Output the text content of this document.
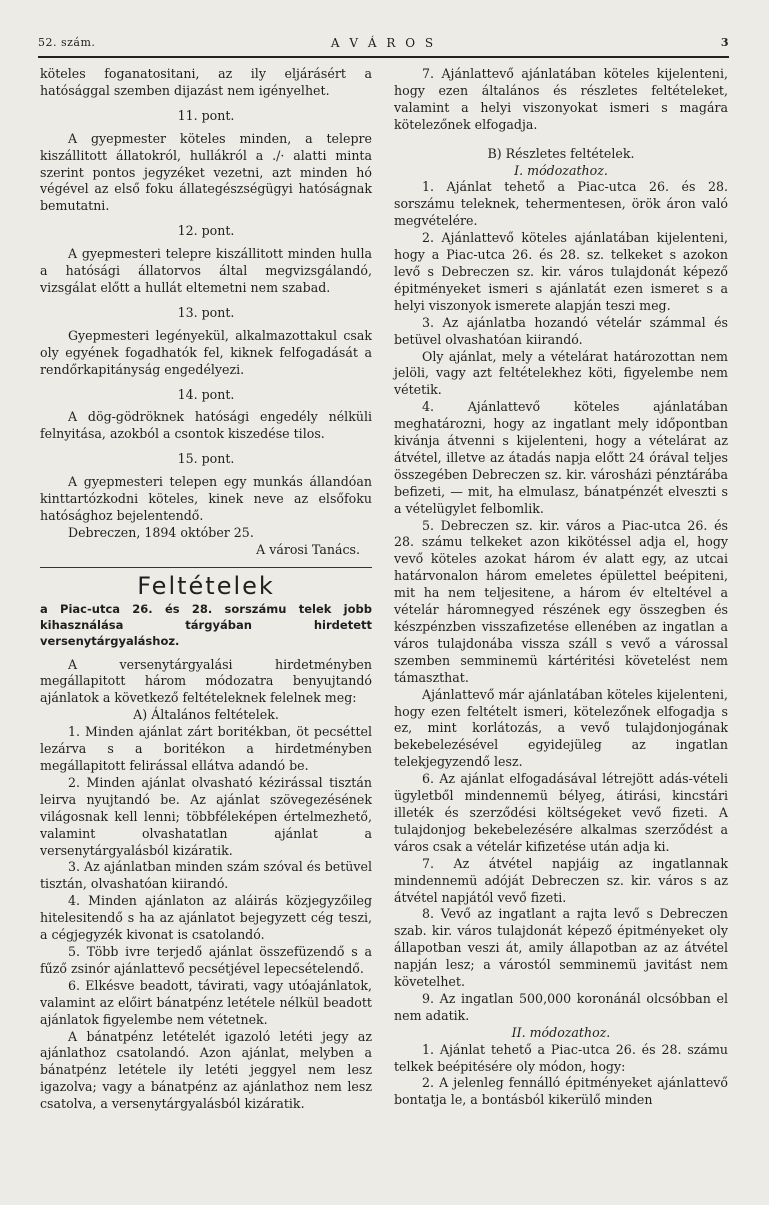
52. szám.	A V Á R O S	3

köteles foganatositani, az ily eljárásért a hatósággal szemben dijazást nem igényelhet.

11. pont.

A gyepmester köteles minden, a telepre kiszállitott állatokról, hullákról a ./· alatti minta szerint pontos jegyzéket vezetni, azt minden hó végével az első foku állategészségügyi hatóságnak bemutatni.

12. pont.

A gyepmesteri telepre kiszállitott minden hulla a hatósági állatorvos által megvizsgálandó, vizsgálat előtt a hullát eltemetni nem szabad.

13. pont.

Gyepmesteri legényekül, alkalmazottakul csak oly egyének fogadhatók fel, kiknek felfogadását a rendőrkapitányság engedélyezi.

14. pont.

A dög-gödröknek hatósági engedély nélküli felnyitása, azokból a csontok kiszedése tilos.

15. pont.

A gyepmesteri telepen egy munkás állandóan kinttartózkodni köteles, kinek neve az elsőfoku hatósághoz bejelentendő.

Debreczen, 1894 október 25.

A városi Tanács.

Feltételek
a Piac-utca 26. és 28. sorszámu telek jobb kihasználása tárgyában hirdetett versenytárgyaláshoz.

A versenytárgyalási hirdetményben megállapitott három módozatra benyujtandó ajánlatok a következő feltételeknek felelnek meg:

A) Általános feltételek.

1. Minden ajánlat zárt boritékban, öt pecséttel lezárva s a boritékon a hirdetményben megállapitott felirással ellátva adandó be.

2. Minden ajánlat olvasható kézirással tisztán leirva nyujtandó be. Az ajánlat szövegezésének világosnak kell lenni; többféleképen értelmezhető, valamint olvashatatlan ajánlat a versenytárgyalásból kizáratik.

3. Az ajánlatban minden szám szóval és betüvel tisztán, olvashatóan kiirandó.

4. Minden ajánlaton az aláirás közjegyzőileg hitelesitendő s ha az ajánlatot bejegyzett cég teszi, a cégjegyzék kivonat is csatolandó.

5. Több ivre terjedő ajánlat összefüzendő s a fűző zsinór ajánlattevő pecsétjével lepecsételendő.

6. Elkésve beadott, távirati, vagy utóajánlatok, valamint az előirt bánatpénz letétele nélkül beadott ajánlatok figyelembe nem vétetnek.

A bánatpénz letételét igazoló letéti jegy az ajánlathoz csatolandó. Azon ajánlat, melyben a bánatpénz letétele ily letéti jeggyel nem lesz igazolva; vagy a bánatpénz az ajánlathoz nem lesz csatolva, a versenytárgyalásból kizáratik.

7. Ajánlattevő ajánlatában köteles kijelenteni, hogy ezen általános és részletes feltételeket, valamint a helyi viszonyokat ismeri s magára kötelezőnek elfogadja.

B) Részletes feltételek.

I. módozathoz.

1. Ajánlat tehető a Piac-utca 26. és 28. sorszámu teleknek, tehermentesen, örök áron való megvételére.

2. Ajánlattevő köteles ajánlatában kijelenteni, hogy a Piac-utca 26. és 28. sz. telkeket s azokon levő s Debreczen sz. kir. város tulajdonát képező épitményeket ismeri s ajánlatát ezen ismeret s a helyi viszonyok ismerete alapján teszi meg.

3. Az ajánlatba hozandó vételár számmal és betüvel olvashatóan kiirandó.

Oly ajánlat, mely a vételárat határozottan nem jelöli, vagy azt feltételekhez köti, figyelembe nem vétetik.

4. Ajánlattevő köteles ajánlatában meghatározni, hogy az ingatlant mely időpontban kivánja átvenni s kijelenteni, hogy a vételárat az átvétel, illetve az átadás napja előtt 24 órával teljes összegében Debreczen sz. kir. városházi pénztárába befizeti, — mit, ha elmulasz, bánatpénzét elveszti s a vételügylet felbomlik.

5. Debreczen sz. kir. város a Piac-utca 26. és 28. számu telkeket azon kikötéssel adja el, hogy vevő köteles azokat három év alatt egy, az utcai határvonalon három emeletes épülettel beépiteni, mit ha nem teljesitene, a három év elteltével a vételár háromnegyed részének egy összegben és készpénzben visszafizetése ellenében az ingatlan a város tulajdonába vissza száll s vevő a várossal szemben semminemü kártéritési követelést nem támaszthat.

Ajánlattevő már ajánlatában köteles kijelenteni, hogy ezen feltételt ismeri, kötelezőnek elfogadja s ez, mint korlátozás, a vevő tulajdonjogának bekebelezésével egyidejüleg az ingatlan telekjegyzendő lesz.

6. Az ajánlat elfogadásával létrejött adás-vételi ügyletből mindennemü bélyeg, átirási, kincstári illeték és szerződési költségeket vevő fizeti. A tulajdonjog bekebelezésére alkalmas szerződést a város csak a vételár kifizetése után adja ki.

7. Az átvétel napjáig az ingatlannak mindennemü adóját Debreczen sz. kir. város s az átvétel napjától vevő fizeti.

8. Vevő az ingatlant a rajta levő s Debreczen szab. kir. város tulajdonát képező épitményeket oly állapotban veszi át, amily állapotban az az átvétel napján lesz; a várostól semminemü javitást nem követelhet.

9. Az ingatlan 500,000 koronánál olcsóbban el nem adatik.

II. módozathoz.

1. Ajánlat tehető a Piac-utca 26. és 28. számu telkek beépitésére oly módon, hogy:

2. A jelenleg fennálló épitményeket ajánlattevő bontatja le, a bontásból kikerülő minden
